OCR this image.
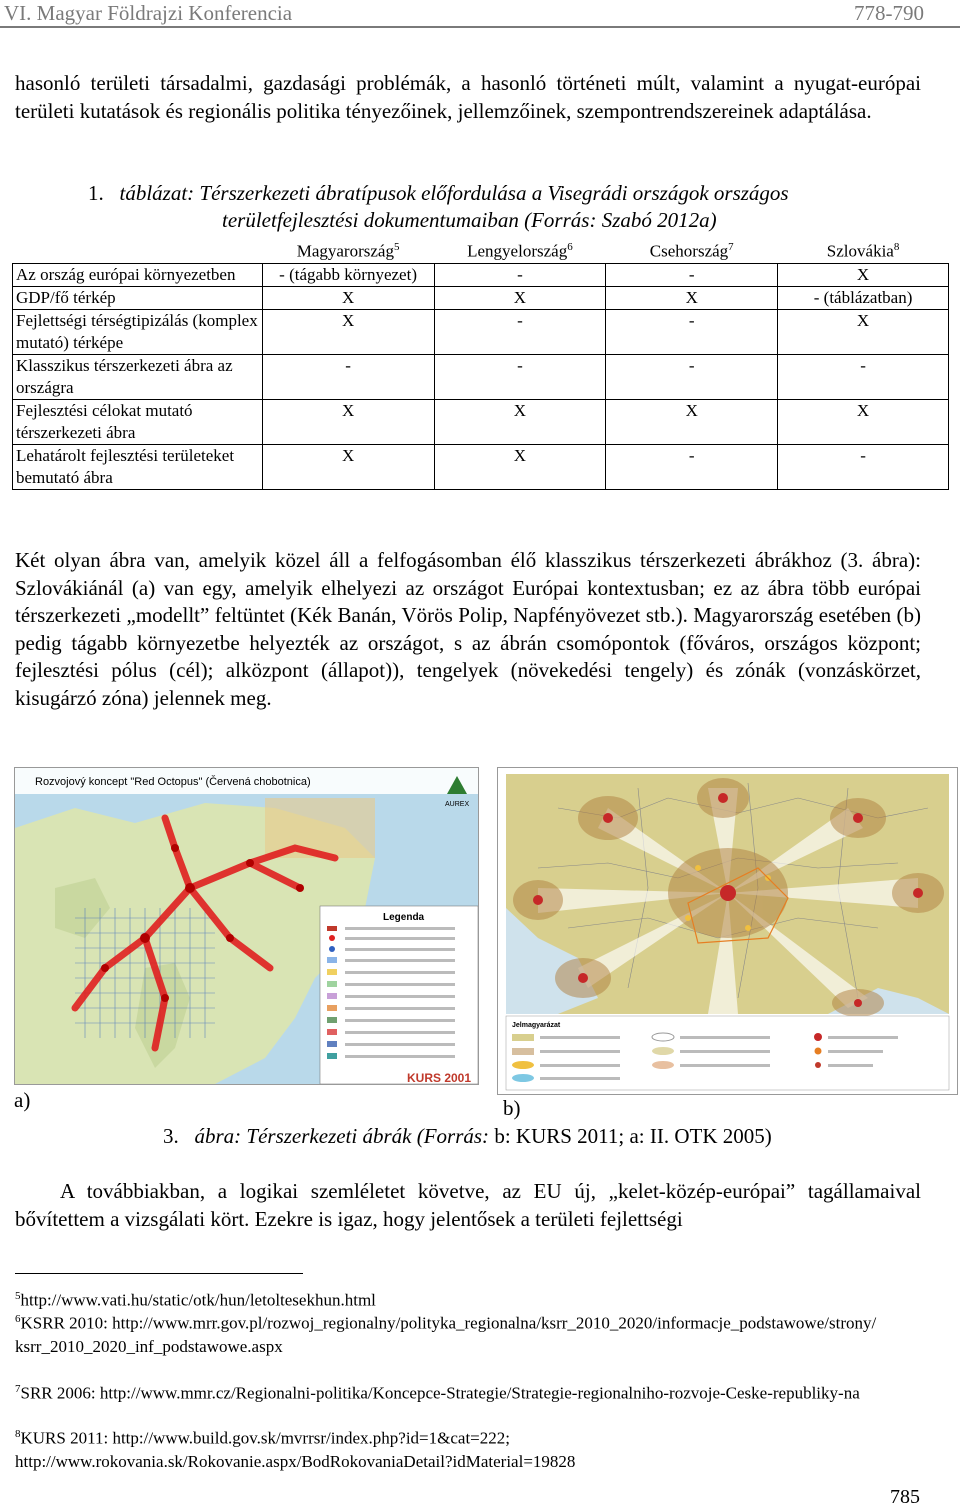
VI. Magyar Földrajzi Konferencia	778-790

hasonló területi társadalmi, gazdasági problémák, a hasonló történeti múlt, valamint a nyugat-európai területi kutatások és regionális politika tényezőinek, jellemzőinek, szempontrendszereinek adaptálása.

1. táblázat: Térszerkezeti ábratípusok előfordulása a Visegrádi országok országos
területfejlesztési dokumentumaiban (Forrás: Szabó 2012a)
	Magyarország$^5$	Lengyelország$^6$	Csehország$^7$	Szlovákia$^8$
Az ország európai környezetben	- (tágabb környezet)	-	-	X
GDP/fő térkép	X	X	X	- (táblázatban)
Fejlettségi térségtipizálás (komplex mutató) térképe	X	-	-	X
Klasszikus térszerkezeti ábra az országra	-	-	-	-
Fejlesztési célokat mutató térszerkezeti ábra	X	X	X	X
Lehatárolt fejlesztési területeket bemutató ábra	X	X	-	-

Két olyan ábra van, amelyik közel áll a felfogásomban élő klasszikus térszerkezeti ábrákhoz (3. ábra): Szlovákiánál (a) van egy, amelyik elhelyezi az országot Európai kontextusban; ez az ábra több európai térszerkezeti „modellt” feltüntet (Kék Banán, Vörös Polip, Napfényövezet stb.). Magyarország esetében (b) pedig tágabb környezetbe helyezték az országot, s az ábrán csomópontok (főváros, országos központ; fejlesztési pólus (cél); alközpont (állapot)), tengelyek (növekedési tengely) és zónák (vonzáskörzet, kisugárzó zóna) jelennek meg.

Rozvojový koncept "Red Octopus" (Červená chobotnica)
AUREX
Legenda
KURS 2001
a)
Jelmagyarázat
b)
3. ábra: Térszerkezeti ábrák (Forrás: b: KURS 2011; a: II. OTK 2005)

A továbbiakban, a logikai szemléletet követve, az EU új, „kelet-közép-európai” tagállamaival bővítettem a vizsgálati kört. Ezekre is igaz, hogy jelentősek a területi fejlettségi

$^5$http://www.vati.hu/static/otk/hun/letoltesekhun.html

$^6$KSRR 2010: http://www.mrr.gov.pl/rozwoj_regionalny/polityka_regionalna/ksrr_2010_2020/informacje_podstawowe/strony/ ksrr_2010_2020_inf_podstawowe.aspx

$^7$SRR 2006: http://www.mmr.cz/Regionalni-politika/Koncepce-Strategie/Strategie-regionalniho-rozvoje-Ceske-republiky-na

$^8$KURS 2011: http://www.build.gov.sk/mvrrsr/index.php?id=1&cat=222; http://www.rokovania.sk/Rokovanie.aspx/BodRokovaniaDetail?idMaterial=19828

785
